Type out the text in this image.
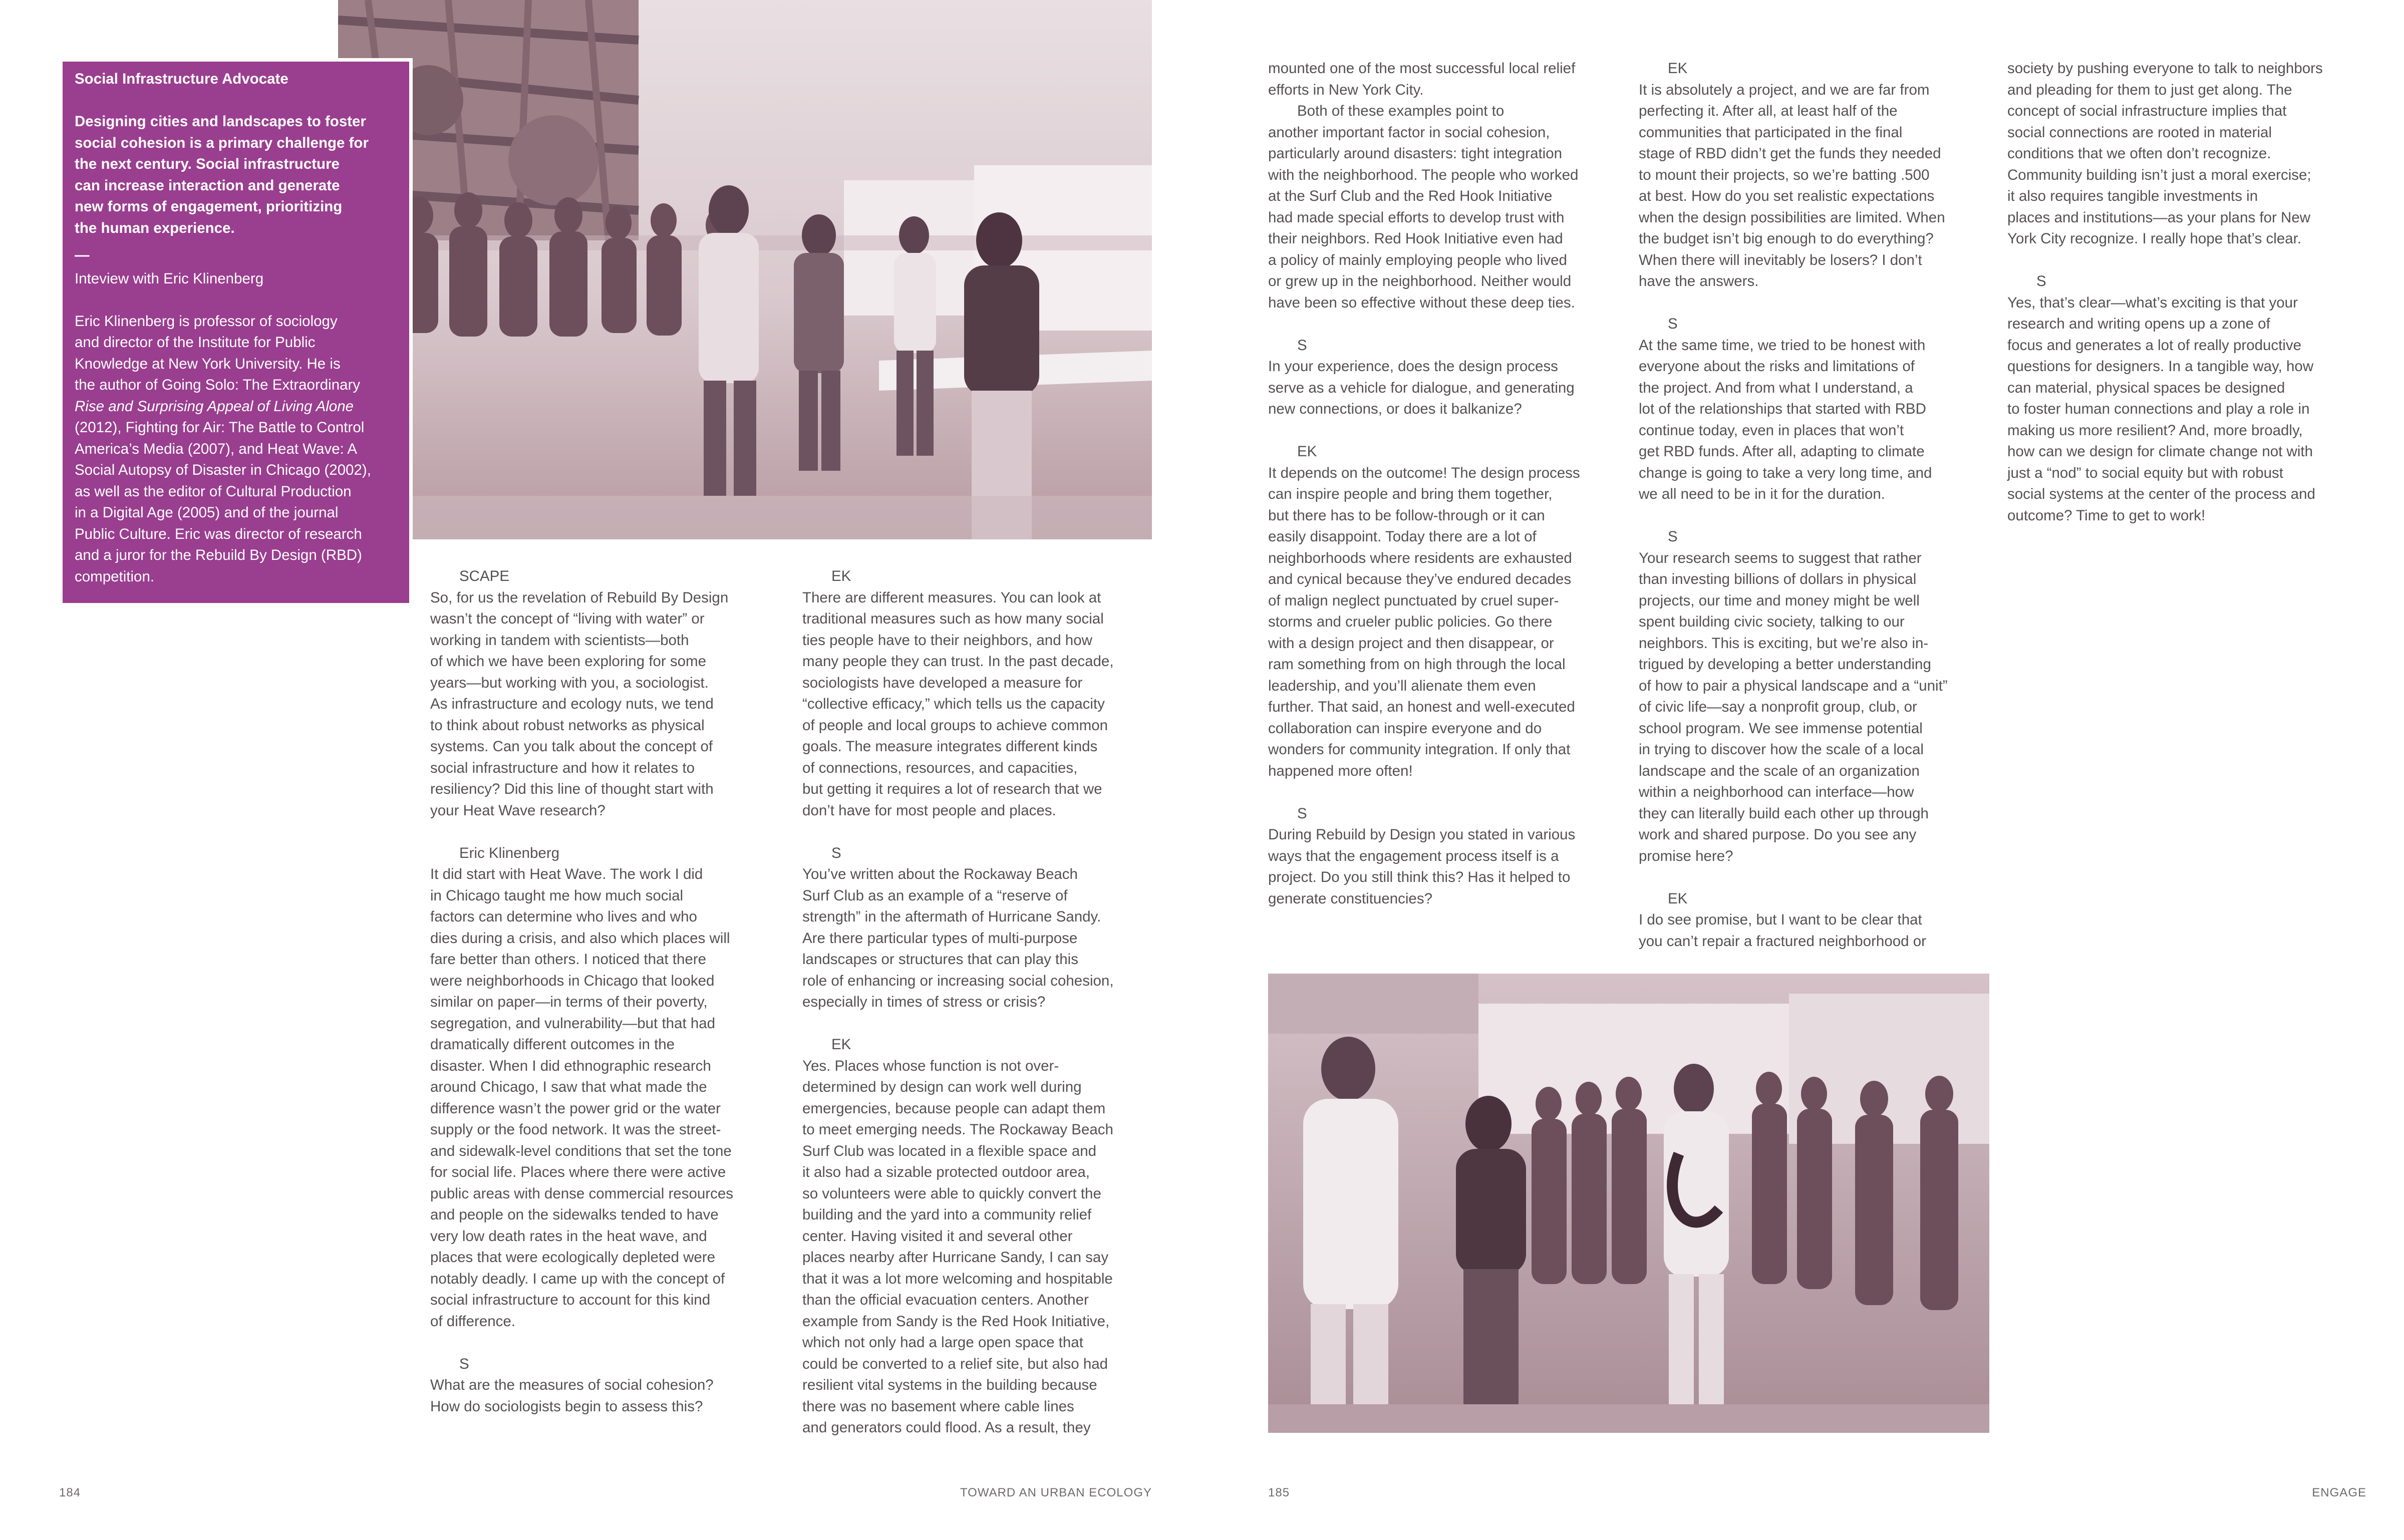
Social Infrastructure Advocate
Designing cities and landscapes to foster
social cohesion is a primary challenge for
the next century. Social infrastructure
can increase interaction and generate
new forms of engagement, prioritizing
the human experience.
—
Inteview with Eric Klinenberg
Eric Klinenberg is professor of sociology
and director of the Institute for Public
Knowledge at New York University. He is
the author of Going Solo: The Extraordinary
Rise and Surprising Appeal of Living Alone
(2012), Fighting for Air: The Battle to Control
America’s Media (2007), and Heat Wave: A
Social Autopsy of Disaster in Chicago (2002),
as well as the editor of Cultural Production
in a Digital Age (2005) and of the journal
Public Culture. Eric was director of research
and a juror for the Rebuild By Design (RBD)
competition.	SCAPE
So, for us the revelation of Rebuild By Design
wasn’t the concept of “living with water” or
working in tandem with scientists—both
of which we have been exploring for some
years—but working with you, a sociologist.
As infrastructure and ecology nuts, we tend
to think about robust networks as physical
systems. Can you talk about the concept of
social infrastructure and how it relates to
resiliency? Did this line of thought start with
your Heat Wave research?
Eric Klinenberg
It did start with Heat Wave. The work I did
in Chicago taught me how much social
factors can determine who lives and who
dies during a crisis, and also which places will
fare better than others. I noticed that there
were neighborhoods in Chicago that looked
similar on paper—in terms of their poverty,
segregation, and vulnerability—but that had
dramatically different outcomes in the
disaster. When I did ethnographic research
around Chicago, I saw that what made the
difference wasn’t the power grid or the water
supply or the food network. It was the street-
and sidewalk-level conditions that set the tone
for social life. Places where there were active
public areas with dense commercial resources
and people on the sidewalks tended to have
very low death rates in the heat wave, and
places that were ecologically depleted were
notably deadly. I came up with the concept of
social infrastructure to account for this kind
of difference.
S
What are the measures of social cohesion?
How do sociologists begin to assess this?
EK
There are different measures. You can look at
traditional measures such as how many social
ties people have to their neighbors, and how
many people they can trust. In the past decade,
sociologists have developed a measure for
“collective efficacy,” which tells us the capacity
of people and local groups to achieve common
goals. The measure integrates different kinds
of connections, resources, and capacities,
but getting it requires a lot of research that we
don’t have for most people and places.
S
You’ve written about the Rockaway Beach
Surf Club as an example of a “reserve of
strength” in the aftermath of Hurricane Sandy.
Are there particular types of multi-purpose
landscapes or structures that can play this
role of enhancing or increasing social cohesion,
especially in times of stress or crisis?
EK
Yes. Places whose function is not over-
determined by design can work well during
emergencies, because people can adapt them
to meet emerging needs. The Rockaway Beach
Surf Club was located in a flexible space and
it also had a sizable protected outdoor area,
so volunteers were able to quickly convert the
building and the yard into a community relief
center. Having visited it and several other
places nearby after Hurricane Sandy, I can say
that it was a lot more welcoming and hospitable
than the official evacuation centers. Another
example from Sandy is the Red Hook Initiative,
which not only had a large open space that
could be converted to a relief site, but also had
resilient vital systems in the building because
there was no basement where cable lines
and generators could flood. As a result, they
mounted one of the most successful local relief
efforts in New York City.
Both of these examples point to
another important factor in social cohesion,
particularly around disasters: tight integration
with the neighborhood. The people who worked
at the Surf Club and the Red Hook Initiative
had made special efforts to develop trust with
their neighbors. Red Hook Initiative even had
a policy of mainly employing people who lived
or grew up in the neighborhood. Neither would
have been so effective without these deep ties.
S
In your experience, does the design process
serve as a vehicle for dialogue, and generating
new connections, or does it balkanize?
EK
It depends on the outcome! The design process
can inspire people and bring them together,
but there has to be follow-through or it can
easily disappoint. Today there are a lot of
neighborhoods where residents are exhausted
and cynical because they’ve endured decades
of malign neglect punctuated by cruel super-
storms and crueler public policies. Go there
with a design project and then disappear, or
ram something from on high through the local
leadership, and you’ll alienate them even
further. That said, an honest and well-executed
collaboration can inspire everyone and do
wonders for community integration. If only that
happened more often!
S
During Rebuild by Design you stated in various
ways that the engagement process itself is a
project. Do you still think this? Has it helped to
generate constituencies?
EK
It is absolutely a project, and we are far from
perfecting it. After all, at least half of the
communities that participated in the final
stage of RBD didn’t get the funds they needed
to mount their projects, so we’re batting .500
at best. How do you set realistic expectations
when the design possibilities are limited. When
the budget isn’t big enough to do everything?
When there will inevitably be losers? I don’t
have the answers.
S
At the same time, we tried to be honest with
everyone about the risks and limitations of
the project. And from what I understand, a
lot of the relationships that started with RBD
continue today, even in places that won’t
get RBD funds. After all, adapting to climate
change is going to take a very long time, and
we all need to be in it for the duration.
S
Your research seems to suggest that rather
than investing billions of dollars in physical
projects, our time and money might be well
spent building civic society, talking to our
neighbors. This is exciting, but we’re also in-
trigued by developing a better understanding
of how to pair a physical landscape and a “unit”
of civic life—say a nonprofit group, club, or
school program. We see immense potential
in trying to discover how the scale of a local
landscape and the scale of an organization
within a neighborhood can interface—how
they can literally build each other up through
work and shared purpose. Do you see any
promise here?
EK
I do see promise, but I want to be clear that
you can’t repair a fractured neighborhood or
society by pushing everyone to talk to neighbors
and pleading for them to just get along. The
concept of social infrastructure implies that
social connections are rooted in material
conditions that we often don’t recognize.
Community building isn’t just a moral exercise;
it also requires tangible investments in
places and institutions—as your plans for New
York City recognize. I really hope that’s clear.
S
Yes, that’s clear—what’s exciting is that your
research and writing opens up a zone of
focus and generates a lot of really productive
questions for designers. In a tangible way, how
can material, physical spaces be designed
to foster human connections and play a role in
making us more resilient? And, more broadly,
how can we design for climate change not with
just a “nod” to social equity but with robust
social systems at the center of the process and
outcome? Time to get to work!
184	TOWARD AN URBAN ECOLOGY	185	ENGAGE
